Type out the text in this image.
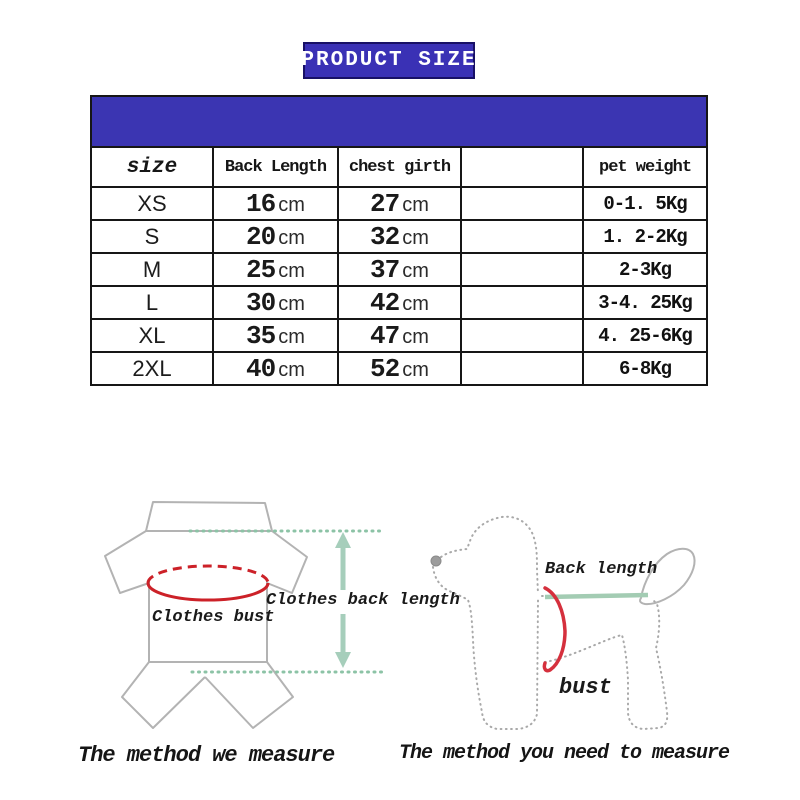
PRODUCT SIZE

size	Back Length	chest girth		pet weight
XS	16 cm	27 cm		0-1. 5Kg
S	20 cm	32 cm		1. 2-2Kg
M	25 cm	37 cm		2-3Kg
L	30 cm	42 cm		3-4. 25Kg
XL	35 cm	47 cm		4. 25-6Kg
2XL	40 cm	52 cm		6-8Kg
Clothes bust
Clothes back length
Back length
bust
The method we measure	The method you need to measure
